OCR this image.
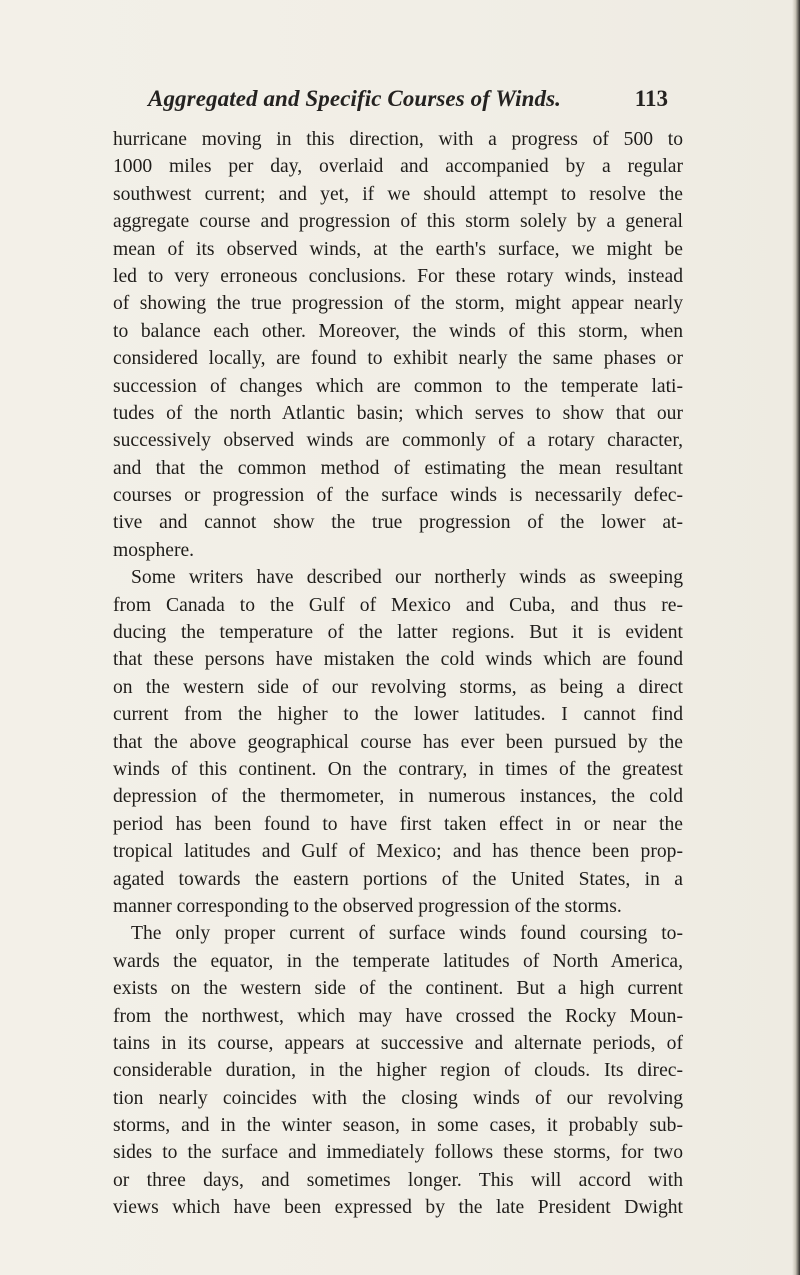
Aggregated and Specific Courses of Winds.	113
hurricane moving in this direction, with a progress of 500 to
1000 miles per day, overlaid and accompanied by a regular
southwest current; and yet, if we should attempt to resolve the
aggregate course and progression of this storm solely by a general
mean of its observed winds, at the earth's surface, we might be
led to very erroneous conclusions. For these rotary winds, instead
of showing the true progression of the storm, might appear nearly
to balance each other. Moreover, the winds of this storm, when
considered locally, are found to exhibit nearly the same phases or
succession of changes which are common to the temperate lati-
tudes of the north Atlantic basin; which serves to show that our
successively observed winds are commonly of a rotary character,
and that the common method of estimating the mean resultant
courses or progression of the surface winds is necessarily defec-
tive and cannot show the true progression of the lower at-
mosphere.
Some writers have described our northerly winds as sweeping
from Canada to the Gulf of Mexico and Cuba, and thus re-
ducing the temperature of the latter regions. But it is evident
that these persons have mistaken the cold winds which are found
on the western side of our revolving storms, as being a direct
current from the higher to the lower latitudes. I cannot find
that the above geographical course has ever been pursued by the
winds of this continent. On the contrary, in times of the greatest
depression of the thermometer, in numerous instances, the cold
period has been found to have first taken effect in or near the
tropical latitudes and Gulf of Mexico; and has thence been prop-
agated towards the eastern portions of the United States, in a
manner corresponding to the observed progression of the storms.
The only proper current of surface winds found coursing to-
wards the equator, in the temperate latitudes of North America,
exists on the western side of the continent. But a high current
from the northwest, which may have crossed the Rocky Moun-
tains in its course, appears at successive and alternate periods, of
considerable duration, in the higher region of clouds. Its direc-
tion nearly coincides with the closing winds of our revolving
storms, and in the winter season, in some cases, it probably sub-
sides to the surface and immediately follows these storms, for two
or three days, and sometimes longer. This will accord with
views which have been expressed by the late President Dwight
